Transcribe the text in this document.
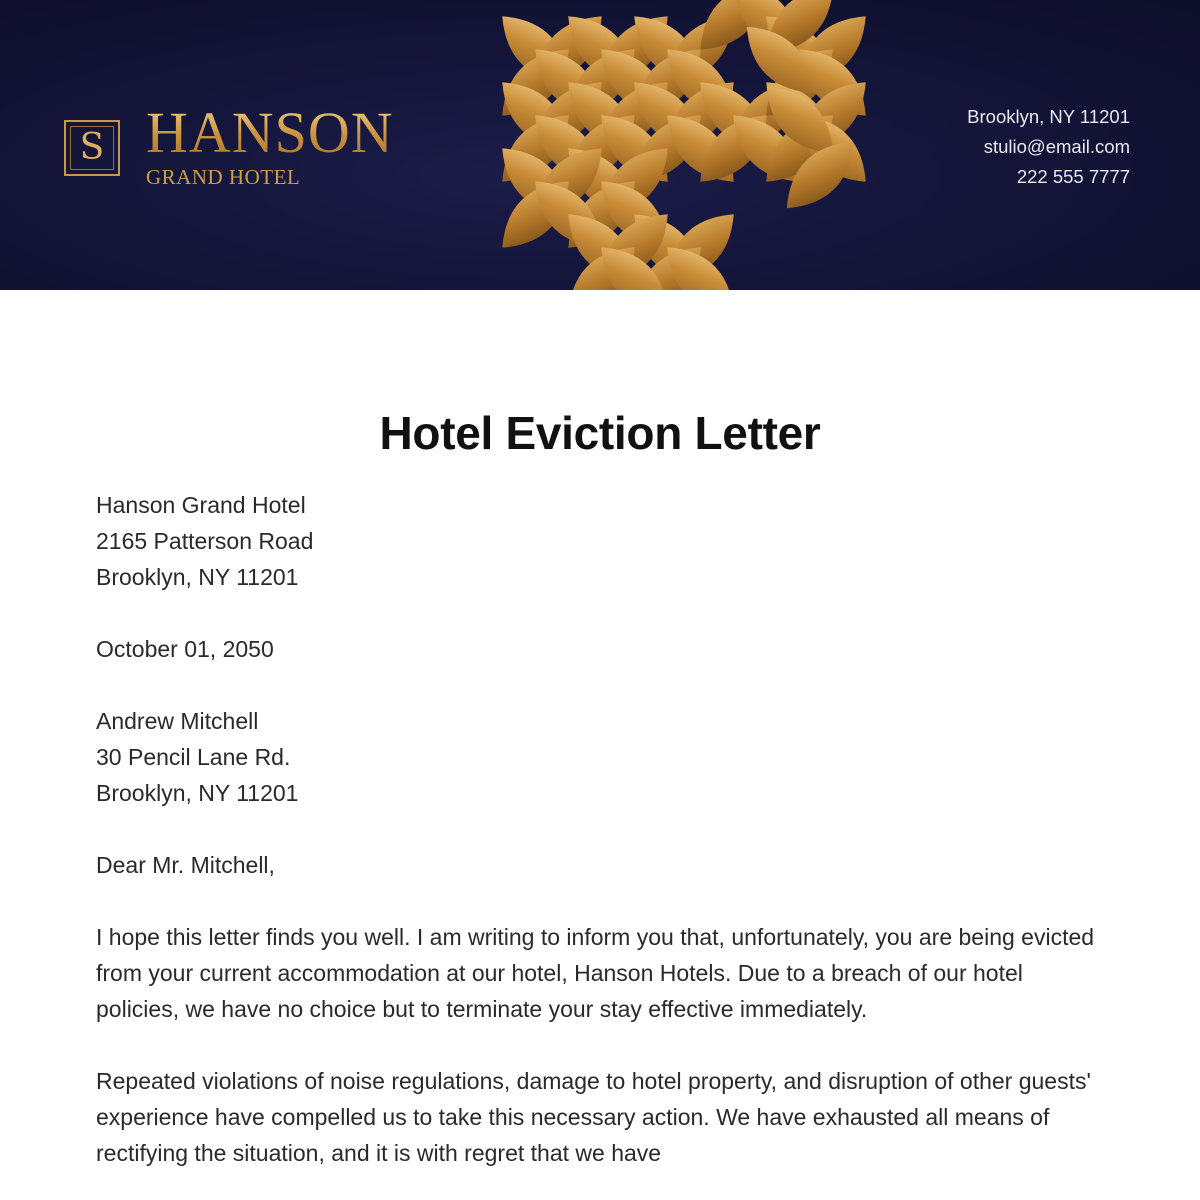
S HANSON
GRAND HOTEL
Brooklyn, NY 11201
stulio@email.com
222 555 7777
Hotel Eviction Letter
Hanson Grand Hotel
2165 Patterson Road
Brooklyn, NY 11201
October 01, 2050
Andrew Mitchell
30 Pencil Lane Rd.
Brooklyn, NY 11201
Dear Mr. Mitchell,

I hope this letter finds you well. I am writing to inform you that, unfortunately, you are being evicted from your current accommodation at our hotel, Hanson Hotels. Due to a breach of our hotel policies, we have no choice but to terminate your stay effective immediately.

Repeated violations of noise regulations, damage to hotel property, and disruption of other guests' experience have compelled us to take this necessary action. We have exhausted all means of rectifying the situation, and it is with regret that we have
